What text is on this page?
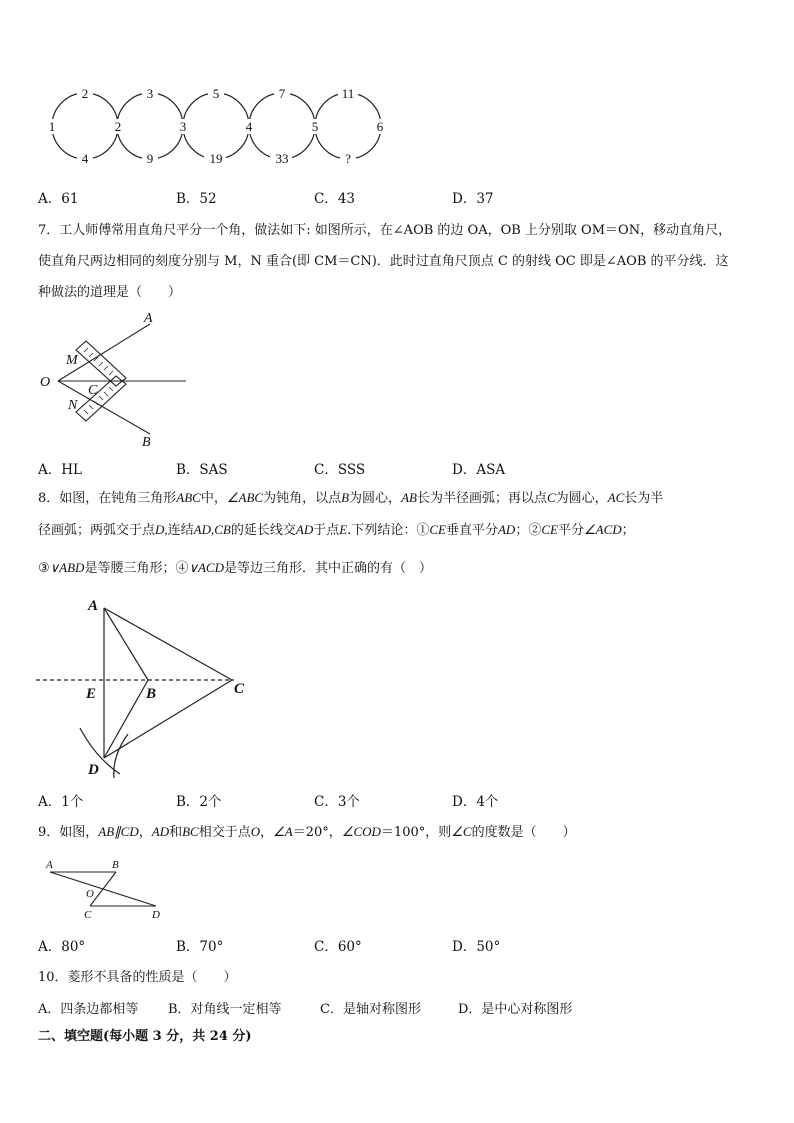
1	2	3	4	5	6
2	3	5	7	11
4	9	19	33	?
A．61	B．52	C．43	D．37
7．工人师傅常用直角尺平分一个角，做法如下: 如图所示，在∠AOB 的边 OA，OB 上分别取 OM＝ON，移动直角尺，
使直角尺两边相同的刻度分别与 M，N 重合(即 CM＝CN)．此时过直角尺顶点 C 的射线 OC 即是∠AOB 的平分线．这
种做法的道理是（　　）
A
O
M
N
C
B
A．HL	B．SAS	C．SSS	D．ASA
8．如图，在钝角三角形ABC中，∠ABC为钝角，以点B为圆心，AB长为半径画弧；再以点C为圆心，AC长为半
径画弧；两弧交于点D,连结AD,CB的延长线交AD于点E.下列结论：①CE垂直平分AD；②CE平分∠ACD；
③∨ABD是等腰三角形；④∨ACD是等边三角形．其中正确的有（　）
A
E	B	C
D
A．1个	B．2个	C．3个	D．4个
9．如图，AB∥CD，AD和BC相交于点O，∠A＝20°，∠COD＝100°，则∠C的度数是（　　）
A	B
O
C	D
A．80°	B．70°	C．60°	D．50°
10．菱形不具备的性质是（　　）
A．四条边都相等 B．对角线一定相等	C．是轴对称图形	D．是中心对称图形
二、填空题(每小题 3 分，共 24 分)
